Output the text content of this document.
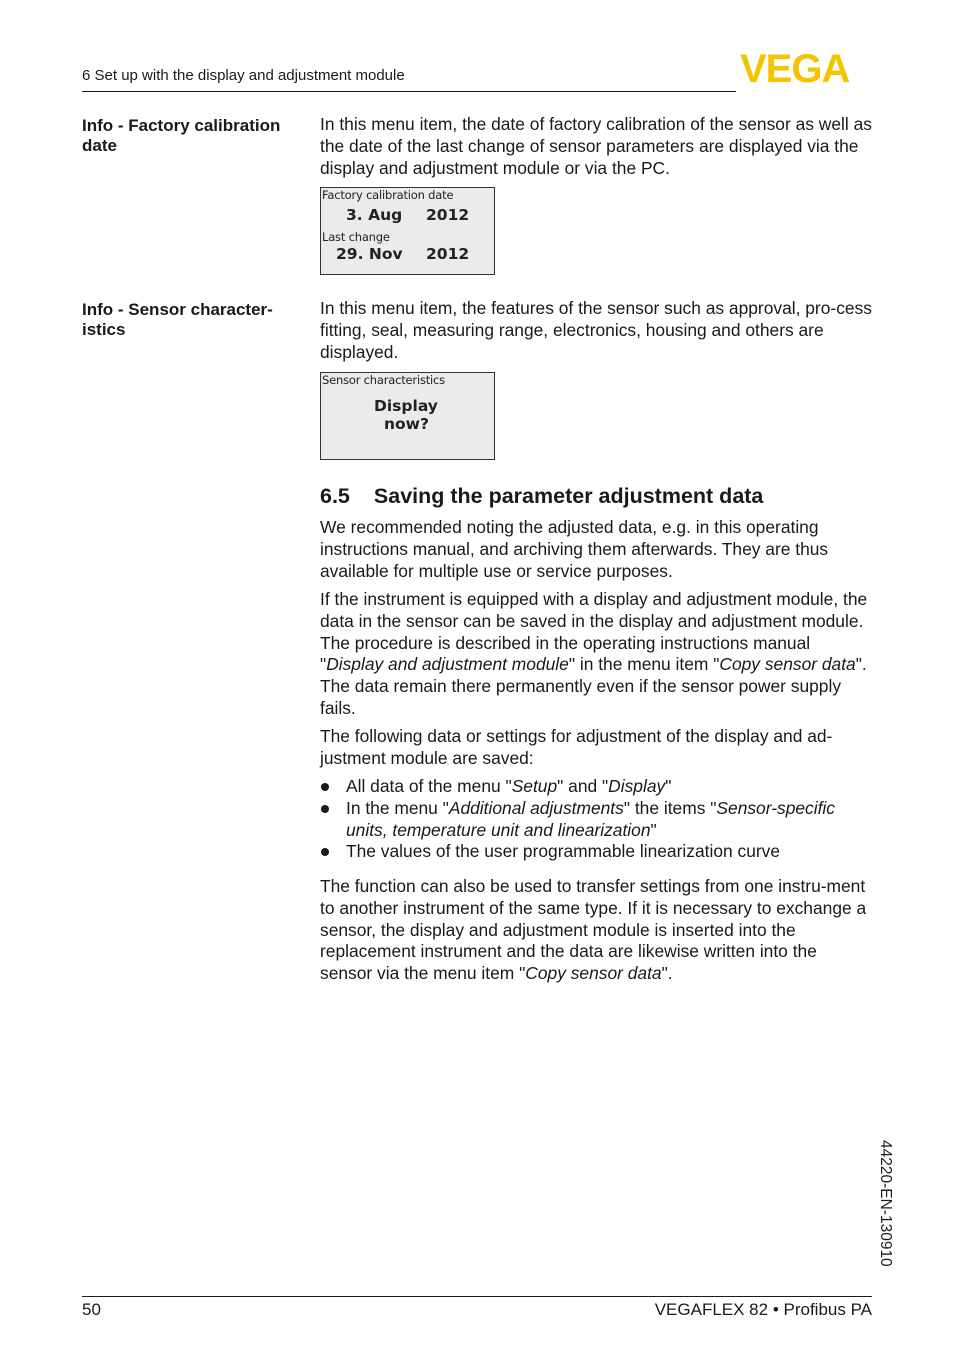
6 Set up with the display and adjustment module	VEGA
Info - Factory calibration date

In this menu item, the date of factory calibration of the sensor as well as the date of the last change of sensor parameters are displayed via the display and adjustment module or via the PC.

Factory calibration date
3. Aug 2012
Last change
29. Nov 2012
Info - Sensor character-istics

In this menu item, the features of the sensor such as approval, pro-cess fitting, seal, measuring range, electronics, housing and others are displayed.

Sensor characteristics
Display
now?
6.5 Saving the parameter adjustment data

We recommended noting the adjusted data, e.g. in this operating instructions manual, and archiving them afterwards. They are thus available for multiple use or service purposes.

If the instrument is equipped with a display and adjustment module, the data in the sensor can be saved in the display and adjustment module. The procedure is described in the operating instructions manual "Display and adjustment module" in the menu item "Copy sensor data". The data remain there permanently even if the sensor power supply fails.

The following data or settings for adjustment of the display and ad-justment module are saved:

All data of the menu "Setup" and "Display"
In the menu "Additional adjustments" the items "Sensor-specific units, temperature unit and linearization"
The values of the user programmable linearization curve

The function can also be used to transfer settings from one instru-ment to another instrument of the same type. If it is necessary to exchange a sensor, the display and adjustment module is inserted into the replacement instrument and the data are likewise written into the sensor via the menu item "Copy sensor data".

44220-EN-130910
50	VEGAFLEX 82 • Profibus PA
